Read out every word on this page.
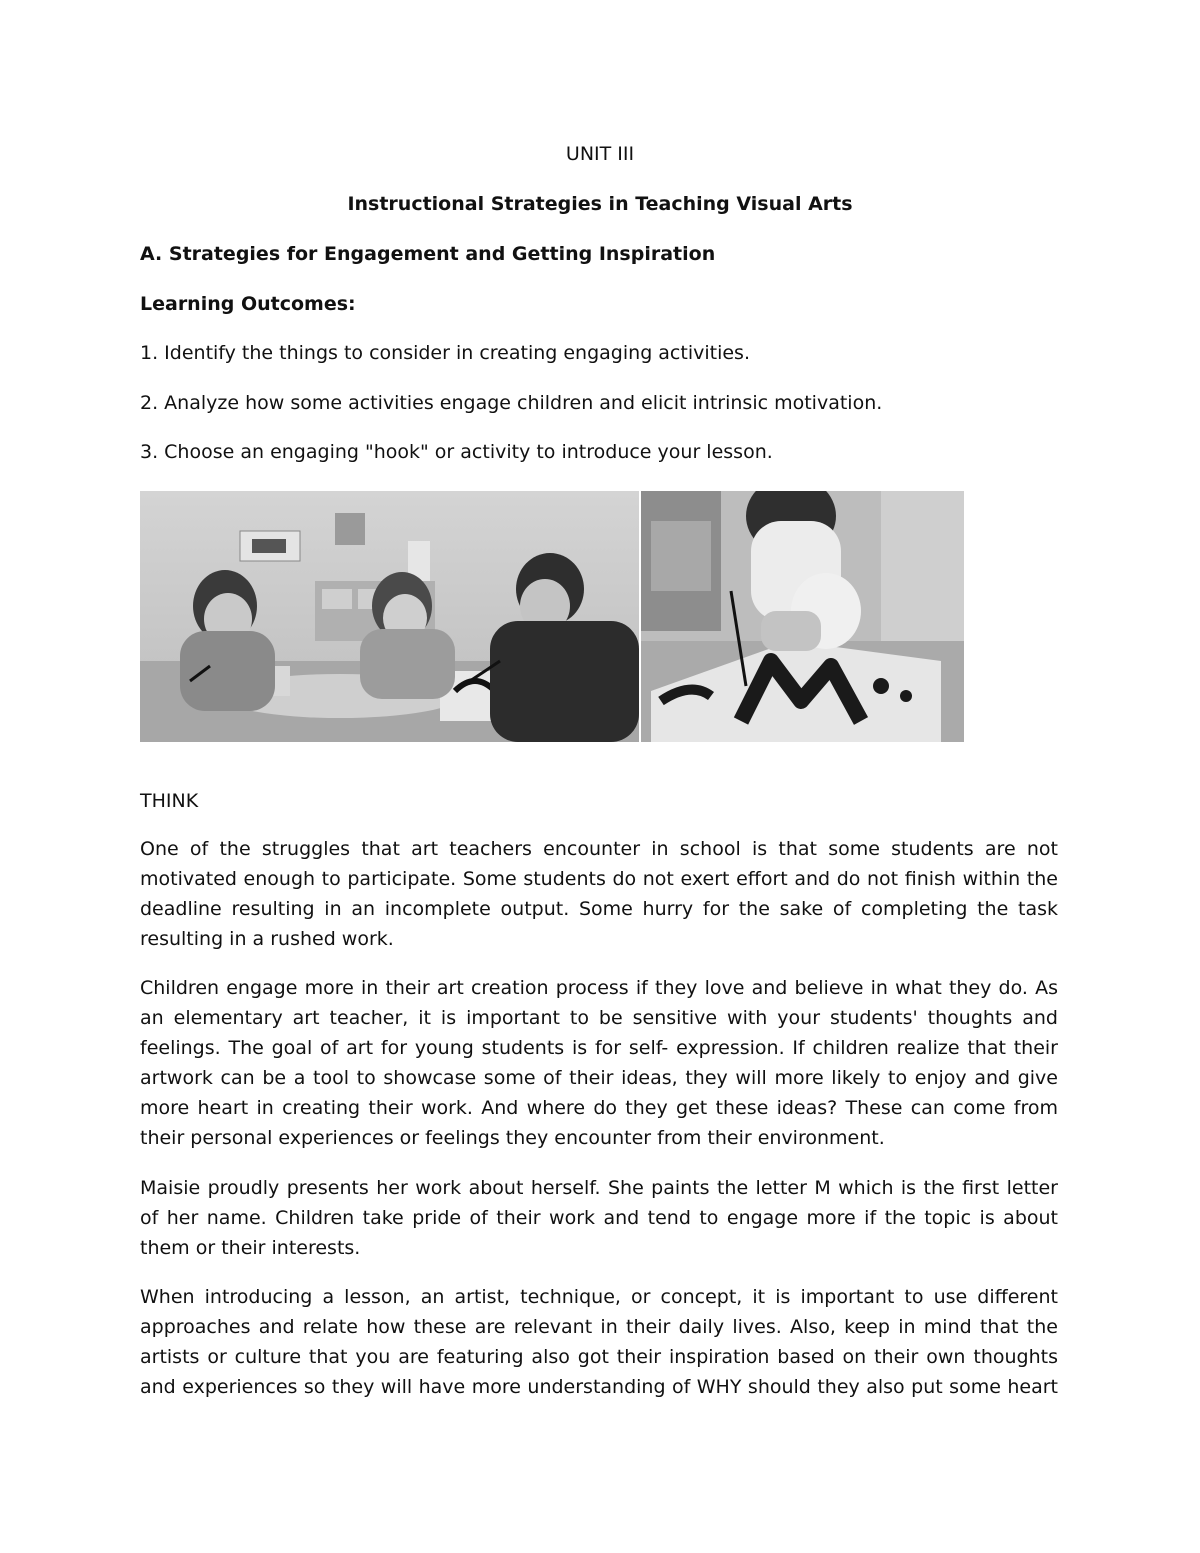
UNIT III
Instructional Strategies in Teaching Visual Arts
A. Strategies for Engagement and Getting Inspiration
Learning Outcomes:
1. Identify the things to consider in creating engaging activities.
2. Analyze how some activities engage children and elicit intrinsic motivation.
3. Choose an engaging "hook" or activity to introduce your lesson.
THINK

One of the struggles that art teachers encounter in school is that some students are not motivated enough to participate. Some students do not exert effort and do not finish within the deadline resulting in an incomplete output. Some hurry for the sake of completing the task resulting in a rushed work.

Children engage more in their art creation process if they love and believe in what they do. As an elementary art teacher, it is important to be sensitive with your students' thoughts and feelings. The goal of art for young students is for self- expression. If children realize that their artwork can be a tool to showcase some of their ideas, they will more likely to enjoy and give more heart in creating their work. And where do they get these ideas? These can come from their personal experiences or feelings they encounter from their environment.

Maisie proudly presents her work about herself. She paints the letter M which is the first letter of her name. Children take pride of their work and tend to engage more if the topic is about them or their interests.

When introducing a lesson, an artist, technique, or concept, it is important to use different approaches and relate how these are relevant in their daily lives. Also, keep in mind that the artists or culture that you are featuring also got their inspiration based on their own thoughts and experiences so they will have more understanding of WHY should they also put some heart
